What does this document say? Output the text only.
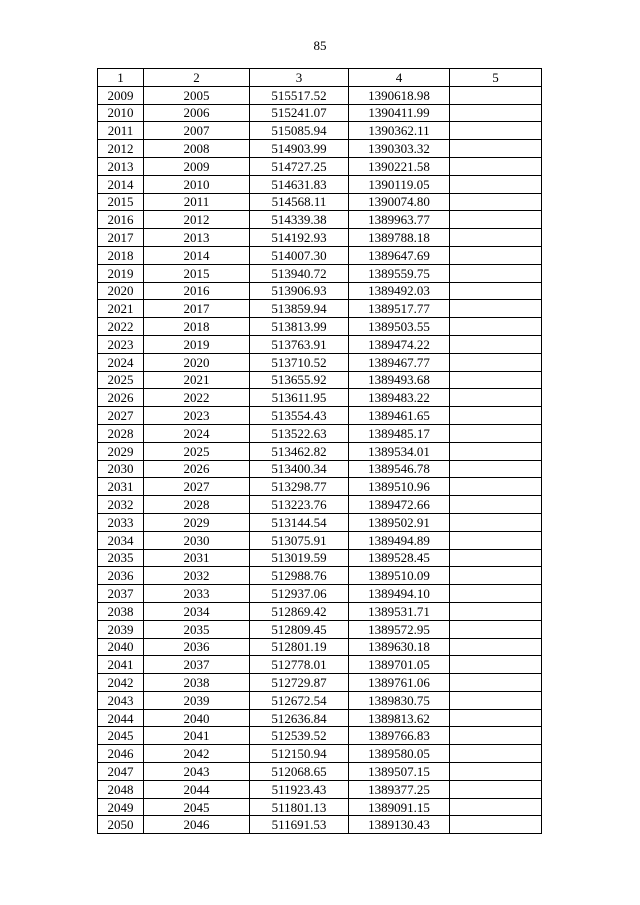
85
1	2	3	4	5
2009	2005	515517.52	1390618.98	
2010	2006	515241.07	1390411.99	
2011	2007	515085.94	1390362.11	
2012	2008	514903.99	1390303.32	
2013	2009	514727.25	1390221.58	
2014	2010	514631.83	1390119.05	
2015	2011	514568.11	1390074.80	
2016	2012	514339.38	1389963.77	
2017	2013	514192.93	1389788.18	
2018	2014	514007.30	1389647.69	
2019	2015	513940.72	1389559.75	
2020	2016	513906.93	1389492.03	
2021	2017	513859.94	1389517.77	
2022	2018	513813.99	1389503.55	
2023	2019	513763.91	1389474.22	
2024	2020	513710.52	1389467.77	
2025	2021	513655.92	1389493.68	
2026	2022	513611.95	1389483.22	
2027	2023	513554.43	1389461.65	
2028	2024	513522.63	1389485.17	
2029	2025	513462.82	1389534.01	
2030	2026	513400.34	1389546.78	
2031	2027	513298.77	1389510.96	
2032	2028	513223.76	1389472.66	
2033	2029	513144.54	1389502.91	
2034	2030	513075.91	1389494.89	
2035	2031	513019.59	1389528.45	
2036	2032	512988.76	1389510.09	
2037	2033	512937.06	1389494.10	
2038	2034	512869.42	1389531.71	
2039	2035	512809.45	1389572.95	
2040	2036	512801.19	1389630.18	
2041	2037	512778.01	1389701.05	
2042	2038	512729.87	1389761.06	
2043	2039	512672.54	1389830.75	
2044	2040	512636.84	1389813.62	
2045	2041	512539.52	1389766.83	
2046	2042	512150.94	1389580.05	
2047	2043	512068.65	1389507.15	
2048	2044	511923.43	1389377.25	
2049	2045	511801.13	1389091.15	
2050	2046	511691.53	1389130.43	
